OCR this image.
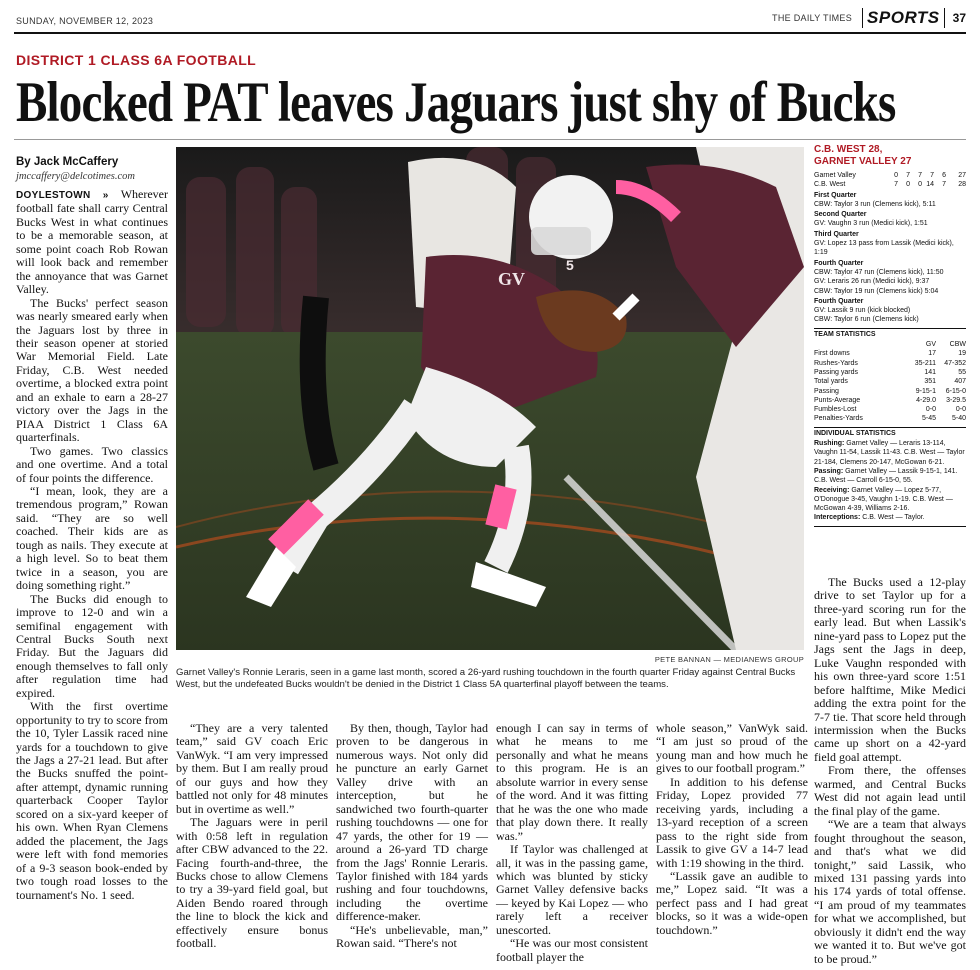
SUNDAY, NOVEMBER 12, 2023	THE DAILY TIMES SPORTS 37
DISTRICT 1 CLASS 6A FOOTBALL
Blocked PAT leaves Jaguars just shy of Bucks
By Jack McCaffery
jmccaffery@delcotimes.com

DOYLESTOWN » Wherever football fate shall carry Central Bucks West in what continues to be a memorable season, at some point coach Rob Rowan will look back and remember the annoyance that was Garnet Valley.

The Bucks' perfect season was nearly smeared early when the Jaguars lost by three in their season opener at storied War Memorial Field. Late Friday, C.B. West needed overtime, a blocked extra point and an exhale to earn a 28-27 victory over the Jags in the PIAA District 1 Class 6A quarterfinals.

Two games. Two classics and one overtime. And a total of four points the difference.

“I mean, look, they are a tremendous program,” Rowan said. “They are so well coached. Their kids are as tough as nails. They execute at a high level. So to beat them twice in a season, you are doing something right.”

The Bucks did enough to improve to 12-0 and win a semifinal engagement with Central Bucks South next Friday. But the Jaguars did enough themselves to fall only after regulation time had expired.

With the first overtime opportunity to try to score from the 10, Tyler Lassik raced nine yards for a touchdown to give the Jags a 27-21 lead. But after the Bucks snuffed the point-after attempt, dynamic running quarterback Cooper Taylor scored on a six-yard keeper of his own. When Ryan Clemens added the placement, the Jags were left with fond memories of a 9-3 season book-ended by two tough road losses to the tournament's No. 1 seed.

“They are a very talented team,” said GV coach Eric VanWyk. “I am very impressed by them. But I am really proud of our guys and how they battled not only for 48 minutes but in overtime as well.”

The Jaguars were in peril with 0:58 left in regulation after CBW advanced to the 22. Facing fourth-and-three, the Bucks chose to allow Clemens to try a 39-yard field goal, but Aiden Bendo roared through the line to block the kick and effectively ensure bonus football.

By then, though, Taylor had proven to be dangerous in numerous ways. Not only did he puncture an early Garnet Valley drive with an interception, but he sandwiched two fourth-quarter rushing touchdowns — one for 47 yards, the other for 19 — around a 26-yard TD charge from the Jags' Ronnie Leraris. Taylor finished with 184 yards rushing and four touchdowns, including the overtime difference-maker.

“He's unbelievable, man,” Rowan said. “There's not

enough I can say in terms of what he means to me personally and what he means to this program. He is an absolute warrior in every sense of the word. And it was fitting that he was the one who made that play down there. It really was.”

If Taylor was challenged at all, it was in the passing game, which was blunted by sticky Garnet Valley defensive backs — keyed by Kai Lopez — who rarely left a receiver unescorted.

“He was our most consistent football player the

whole season,” VanWyk said. “I am just so proud of the young man and how much he gives to our football program.”

In addition to his defense Friday, Lopez provided 77 receiving yards, including a 13-yard reception of a screen pass to the right side from Lassik to give GV a 14-7 lead with 1:19 showing in the third.

“Lassik gave an audible to me,” Lopez said. “It was a perfect pass and I had great blocks, so it was a wide-open touchdown.”

The Bucks used a 12-play drive to set Taylor up for a three-yard scoring run for the early lead. But when Lassik's nine-yard pass to Lopez put the Jags sent the Jags in deep, Luke Vaughn responded with his own three-yard score 1:51 before halftime, Mike Medici adding the extra point for the 7-7 tie. That score held through intermission when the Bucks came up short on a 42-yard field goal attempt.

From there, the offenses warmed, and Central Bucks West did not again lead until the final play of the game.

“We are a team that always fought throughout the season, and that's what we did tonight,” said Lassik, who mixed 131 passing yards into his 174 yards of total offense. “I am proud of my teammates for what we accomplished, but obviously it didn't end the way we wanted it to. But we've got to be proud.”

GV
5
PETE BANNAN — MEDIANEWS GROUP
Garnet Valley's Ronnie Leraris, seen in a game last month, scored a 26-yard rushing touchdown in the fourth quarter Friday against Central Bucks West, but the undefeated Bucks wouldn't be denied in the District 1 Class 5A quarterfinal playoff between the teams.
C.B. WEST 28,
GARNET VALLEY 27
Garnet Valley	0	7	7	7	6	27
C.B. West	7	0	0 14	7	28
First Quarter
CBW: Taylor 3 run (Clemens kick), 5:11
Second Quarter
GV: Vaughn 3 run (Medici kick), 1:51
Third Quarter
GV: Lopez 13 pass from Lassik (Medici kick), 1:19
Fourth Quarter
CBW: Taylor 47 run (Clemens kick), 11:50
GV: Leraris 26 run (Medici kick), 9:37
CBW: Taylor 19 run (Clemens kick) 5:04
Fourth Quarter
GV: Lassik 9 run (kick blocked)
CBW: Taylor 6 run (Clemens kick)
TEAM STATISTICS
GV	CBW
First downs	17	19
Rushes-Yards	35-211	47-352
Passing yards	141	55
Total yards	351	407
Passing	9-15-1	6-15-0
Punts-Average	4-29.0	3-29.5
Fumbles-Lost	0-0	0-0
Penalties-Yards	5-45	5-40
INDIVIDUAL STATISTICS
Rushing: Garnet Valley — Leraris 13-114, Vaughn 11-54, Lassik 11-43. C.B. West — Taylor 21-184, Clemens 20-147, McGowan 6-21.
Passing: Garnet Valley — Lassik 9-15-1, 141. C.B. West — Carroll 6-15-0, 55.
Receiving: Garnet Valley — Lopez 5-77, O'Donogue 3-45, Vaughn 1-19. C.B. West — McGowan 4-39, Williams 2-16.
Interceptions: C.B. West — Taylor.
